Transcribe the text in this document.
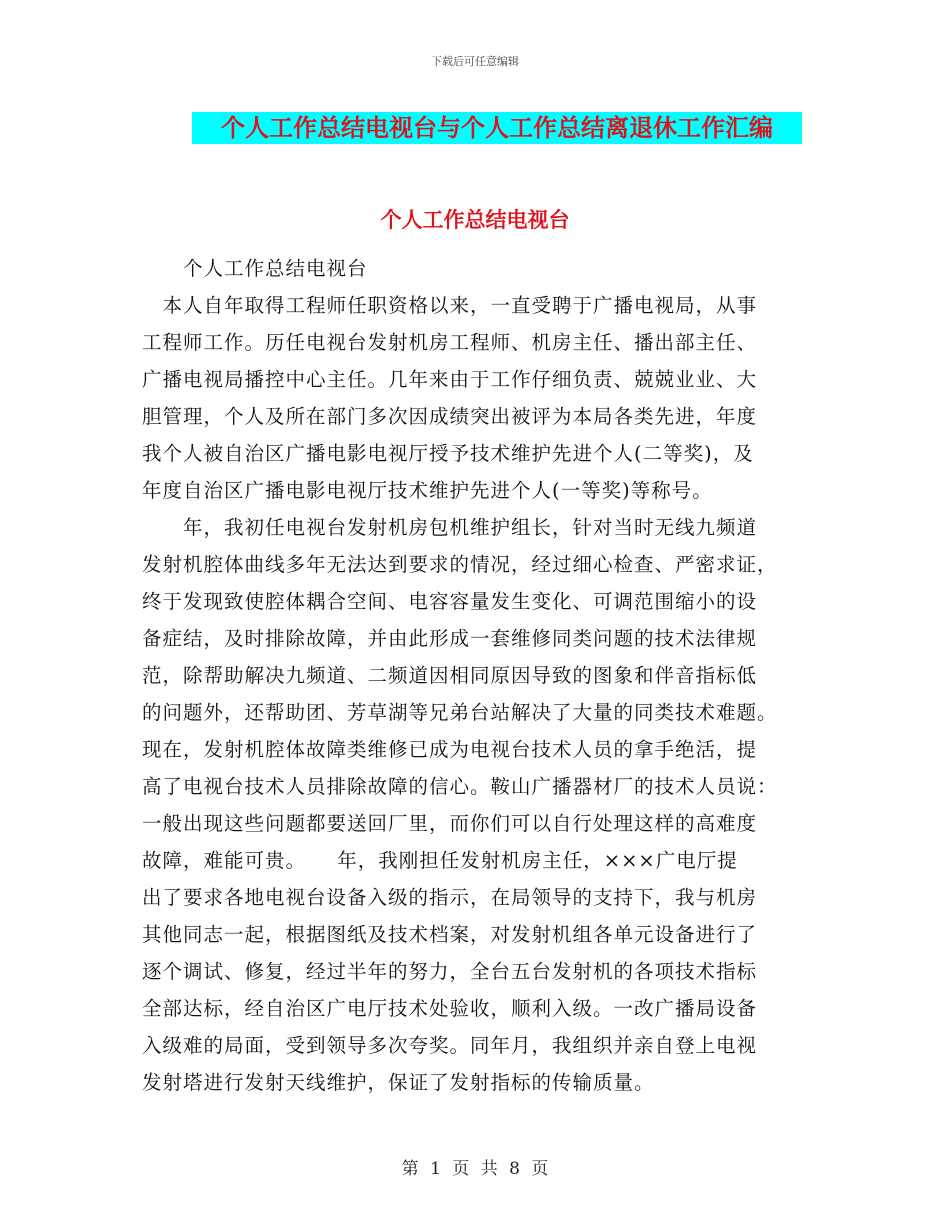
下载后可任意编辑
个人工作总结电视台与个人工作总结离退休工作汇编
个人工作总结电视台
　　个人工作总结电视台
　本人自年取得工程师任职资格以来，一直受聘于广播电视局，从事
工程师工作。历任电视台发射机房工程师、机房主任、播出部主任、
广播电视局播控中心主任。几年来由于工作仔细负责、兢兢业业、大
胆管理，个人及所在部门多次因成绩突出被评为本局各类先进，年度
我个人被自治区广播电影电视厅授予技术维护先进个人(二等奖)，及
年度自治区广播电影电视厅技术维护先进个人(一等奖)等称号。
　　年，我初任电视台发射机房包机维护组长，针对当时无线九频道
发射机腔体曲线多年无法达到要求的情况，经过细心检查、严密求证，
终于发现致使腔体耦合空间、电容容量发生变化、可调范围缩小的设
备症结，及时排除故障，并由此形成一套维修同类问题的技术法律规
范，除帮助解决九频道、二频道因相同原因导致的图象和伴音指标低
的问题外，还帮助团、芳草湖等兄弟台站解决了大量的同类技术难题。
现在，发射机腔体故障类维修已成为电视台技术人员的拿手绝活，提
高了电视台技术人员排除故障的信心。鞍山广播器材厂的技术人员说：
一般出现这些问题都要送回厂里，而你们可以自行处理这样的高难度
故障，难能可贵。　　年，我刚担任发射机房主任，×××广电厅提
出了要求各地电视台设备入级的指示，在局领导的支持下，我与机房
其他同志一起，根据图纸及技术档案，对发射机组各单元设备进行了
逐个调试、修复，经过半年的努力，全台五台发射机的各项技术指标
全部达标，经自治区广电厅技术处验收，顺利入级。一改广播局设备
入级难的局面，受到领导多次夸奖。同年月，我组织并亲自登上电视
发射塔进行发射天线维护，保证了发射指标的传输质量。
第 1 页 共 8 页
